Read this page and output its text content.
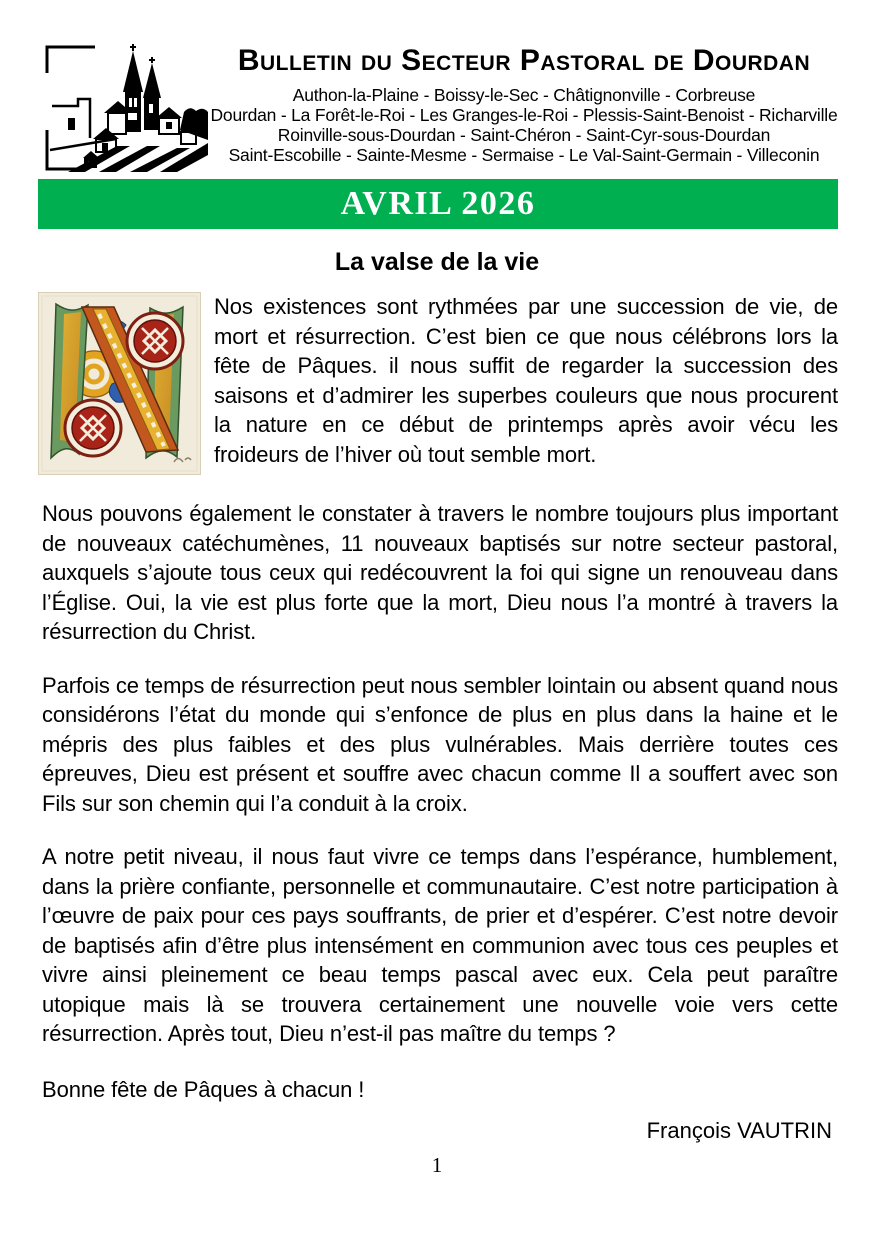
Bulletin du Secteur Pastoral de Dourdan
Authon-la-Plaine - Boissy-le-Sec - Châtignonville - Corbreuse
Dourdan - La Forêt-le-Roi - Les Granges-le-Roi - Plessis-Saint-Benoist - Richarville
Roinville-sous-Dourdan - Saint-Chéron - Saint-Cyr-sous-Dourdan
Saint-Escobille - Sainte-Mesme - Sermaise - Le Val-Saint-Germain - Villeconin
AVRIL 2026
La valse de la vie

Nos existences sont rythmées par une succession de vie, de mort et résurrection. C’est bien ce que nous célébrons lors la fête de Pâques. il nous suffit de regarder la succession des saisons et d’admirer les superbes couleurs que nous procurent la nature en ce début de printemps après avoir vécu les froideurs de l’hiver où tout semble mort.

Nous pouvons également le constater à travers le nombre toujours plus important de nouveaux catéchumènes, 11 nouveaux baptisés sur notre secteur pastoral, auxquels s’ajoute tous ceux qui redécouvrent la foi qui signe un renouveau dans l’Église. Oui, la vie est plus forte que la mort, Dieu nous l’a montré à travers la résurrection du Christ.

Parfois ce temps de résurrection peut nous sembler lointain ou absent quand nous considérons l’état du monde qui s’enfonce de plus en plus dans la haine et le mépris des plus faibles et des plus vulnérables. Mais derrière toutes ces épreuves, Dieu est présent et souffre avec chacun comme Il a souffert avec son Fils sur son chemin qui l’a conduit à la croix.

A notre petit niveau, il nous faut vivre ce temps dans l’espérance, humblement, dans la prière confiante, personnelle et communautaire. C’est notre participation à l’œuvre de paix pour ces pays souffrants, de prier et d’espérer. C’est notre devoir de baptisés afin d’être plus intensément en communion avec tous ces peuples et vivre ainsi pleinement ce beau temps pascal avec eux. Cela peut paraître utopique mais là se trouvera certainement une nouvelle voie vers cette résurrection. Après tout, Dieu n’est-il pas maître du temps ?

Bonne fête de Pâques à chacun !

François VAUTRIN

1
